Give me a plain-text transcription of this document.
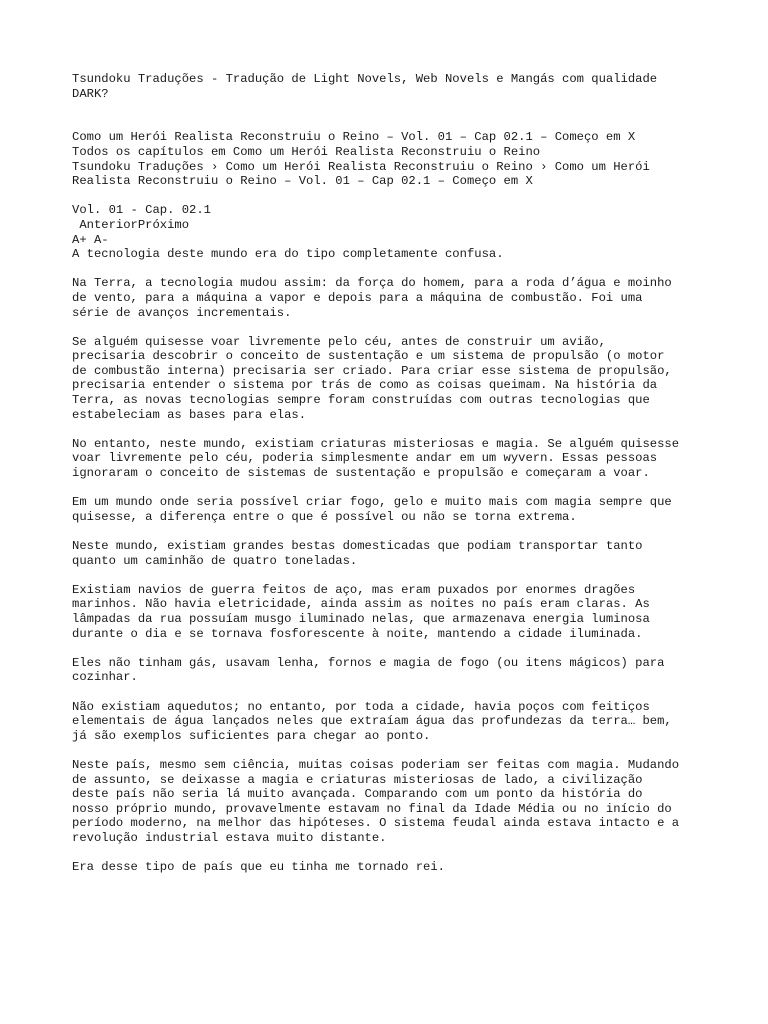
Tsundoku Traduções - Tradução de Light Novels, Web Novels e Mangás com qualidade
DARK?
Como um Herói Realista Reconstruiu o Reino – Vol. 01 – Cap 02.1 – Começo em X
Todos os capítulos em Como um Herói Realista Reconstruiu o Reino
Tsundoku Traduções › Como um Herói Realista Reconstruiu o Reino › Como um Herói
Realista Reconstruiu o Reino – Vol. 01 – Cap 02.1 – Começo em X
Vol. 01 - Cap. 02.1
AnteriorPróximo
A+ A-

A tecnologia deste mundo era do tipo completamente confusa.

Na Terra, a tecnologia mudou assim: da força do homem, para a roda d’água e moinho
de vento, para a máquina a vapor e depois para a máquina de combustão. Foi uma
série de avanços incrementais.

Se alguém quisesse voar livremente pelo céu, antes de construir um avião,
precisaria descobrir o conceito de sustentação e um sistema de propulsão (o motor
de combustão interna) precisaria ser criado. Para criar esse sistema de propulsão,
precisaria entender o sistema por trás de como as coisas queimam. Na história da
Terra, as novas tecnologias sempre foram construídas com outras tecnologias que
estabeleciam as bases para elas.

No entanto, neste mundo, existiam criaturas misteriosas e magia. Se alguém quisesse
voar livremente pelo céu, poderia simplesmente andar em um wyvern. Essas pessoas
ignoraram o conceito de sistemas de sustentação e propulsão e começaram a voar.

Em um mundo onde seria possível criar fogo, gelo e muito mais com magia sempre que
quisesse, a diferença entre o que é possível ou não se torna extrema.

Neste mundo, existiam grandes bestas domesticadas que podiam transportar tanto
quanto um caminhão de quatro toneladas.

Existiam navios de guerra feitos de aço, mas eram puxados por enormes dragões
marinhos. Não havia eletricidade, ainda assim as noites no país eram claras. As
lâmpadas da rua possuíam musgo iluminado nelas, que armazenava energia luminosa
durante o dia e se tornava fosforescente à noite, mantendo a cidade iluminada.

Eles não tinham gás, usavam lenha, fornos e magia de fogo (ou itens mágicos) para
cozinhar.

Não existiam aquedutos; no entanto, por toda a cidade, havia poços com feitiços
elementais de água lançados neles que extraíam água das profundezas da terra… bem,
já são exemplos suficientes para chegar ao ponto.

Neste país, mesmo sem ciência, muitas coisas poderiam ser feitas com magia. Mudando
de assunto, se deixasse a magia e criaturas misteriosas de lado, a civilização
deste país não seria lá muito avançada. Comparando com um ponto da história do
nosso próprio mundo, provavelmente estavam no final da Idade Média ou no início do
período moderno, na melhor das hipóteses. O sistema feudal ainda estava intacto e a
revolução industrial estava muito distante.

Era desse tipo de país que eu tinha me tornado rei.
